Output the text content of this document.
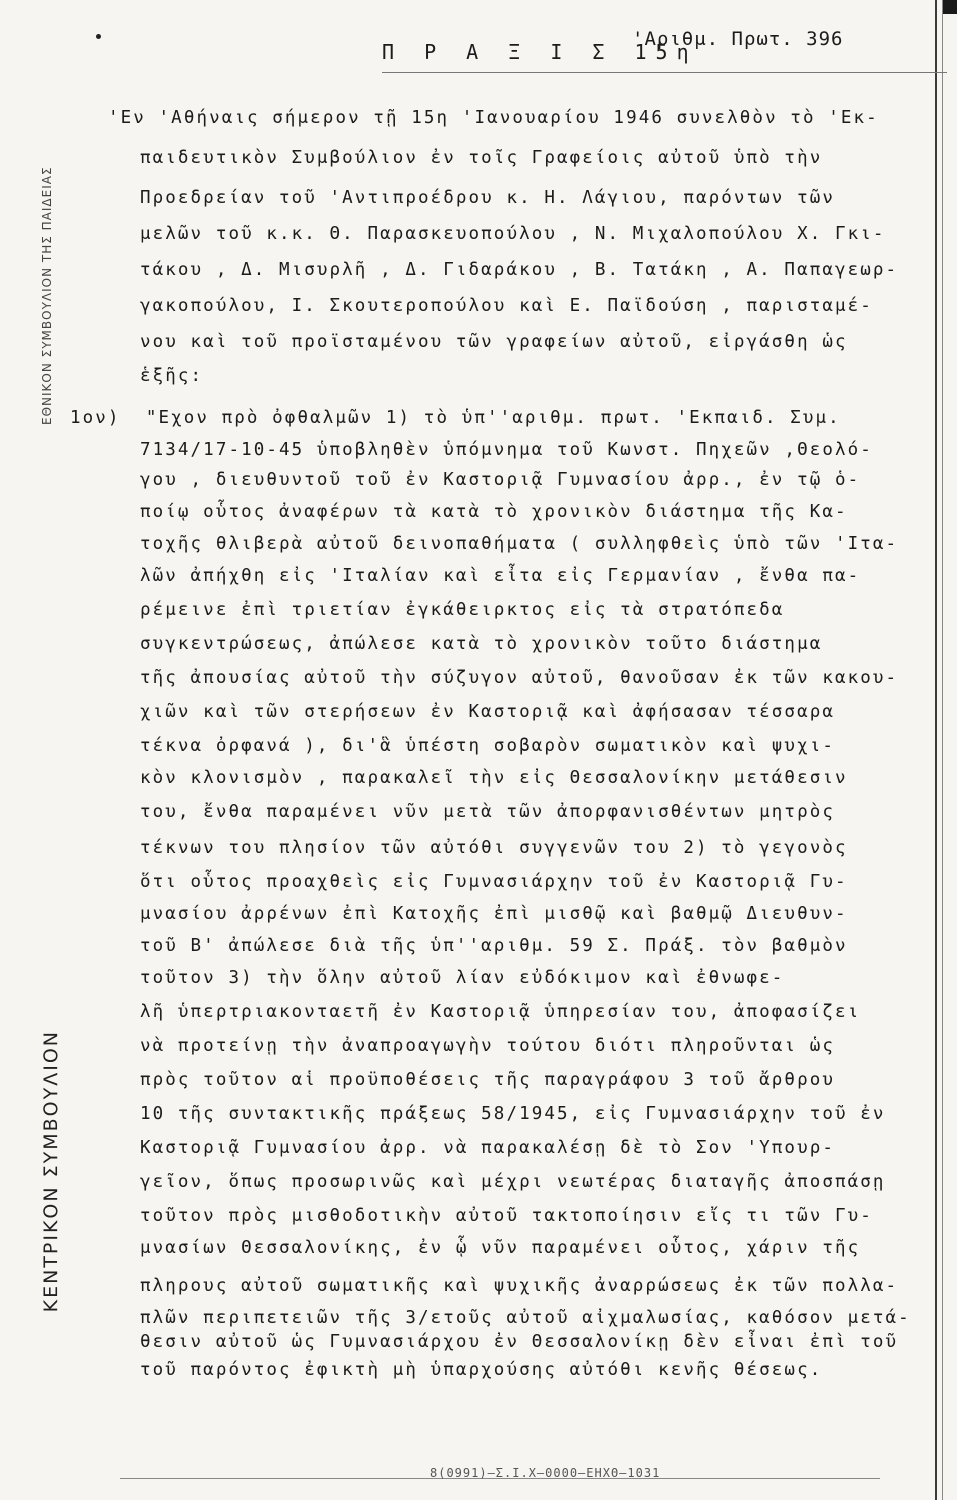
Π Ρ Α Ξ Ι Σ 15η
'Αριθμ. Πρωτ. 396
ΕΘΝΙΚΟΝ ΣΥΜΒΟΥΛΙΟΝ ΤΗΣ ΠΑΙΔΕΙΑΣ
'Εν 'Αθήναις σήμερον τῇ 15η 'Ιανουαρίου 1946 συνελθὸν τὸ 'Εκ-
παιδευτικὸν Συμβούλιον ἐν τοῖς Γραφείοις αὐτοῦ ὑπὸ τὴν
Προεδρείαν τοῦ 'Αντιπροέδρου κ. Η. Λάγιου, παρόντων τῶν
μελῶν τοῦ κ.κ. Θ. Παρασκευοπούλου , Ν. Μιχαλοπούλου Χ. Γκι-
τάκου , Δ. Μισυρλῆ , Δ. Γιδαράκου , Β. Τατάκη , Α. Παπαγεωρ-
γακοπούλου, Ι. Σκουτεροπούλου καὶ Ε. Παϊδούση , παρισταμέ-
νου καὶ τοῦ προϊσταμένου τῶν γραφείων αὐτοῦ, εἰργάσθη ὡς
ἑξῆς:
1ον)  "Εχον πρὸ ὀφθαλμῶν 1) τὸ ὑπ''αριθμ. πρωτ. 'Εκπαιδ. Συμ.
7134/17-10-45 ὑποβληθὲν ὑπόμνημα τοῦ Κωνστ. Πηχεῶν ,Θεολό-
γου , διευθυντοῦ τοῦ ἐν Καστοριᾷ Γυμνασίου ἀρρ., ἐν τῷ ὁ-
ποίῳ οὗτος ἀναφέρων τὰ κατὰ τὸ χρονικὸν διάστημα τῆς Κα-
τοχῆς θλιβερὰ αὐτοῦ δεινοπαθήματα ( συλληφθεὶς ὑπὸ τῶν 'Ιτα-
λῶν ἀπήχθη εἰς 'Ιταλίαν καὶ εἶτα εἰς Γερμανίαν , ἔνθα πα-
ρέμεινε ἐπὶ τριετίαν ἐγκάθειρκτος εἰς τὰ στρατόπεδα
συγκεντρώσεως, ἀπώλεσε κατὰ τὸ χρονικὸν τοῦτο διάστημα
τῆς ἀπουσίας αὐτοῦ τὴν σύζυγον αὐτοῦ, θανοῦσαν ἐκ τῶν κακου-
χιῶν καὶ τῶν στερήσεων ἐν Καστοριᾷ καὶ ἀφήσασαν τέσσαρα
τέκνα ὀρφανά ), δι'ἃ ὑπέστη σοβαρὸν σωματικὸν καὶ ψυχι-
κὸν κλονισμὸν , παρακαλεῖ τὴν εἰς Θεσσαλονίκην μετάθεσιν
του, ἔνθα παραμένει νῦν μετὰ τῶν ἀπορφανισθέντων μητρὸς
τέκνων του πλησίον τῶν αὐτόθι συγγενῶν του 2) τὸ γεγονὸς
ὅτι οὗτος προαχθεὶς εἰς Γυμνασιάρχην τοῦ ἐν Καστοριᾷ Γυ-
μνασίου ἀρρένων ἐπὶ Κατοχῆς ἐπὶ μισθῷ καὶ βαθμῷ Διευθυν-
τοῦ Β' ἀπώλεσε διὰ τῆς ὑπ''αριθμ. 59 Σ. Πράξ. τὸν βαθμὸν
τοῦτον 3) τὴν ὅλην αὐτοῦ λίαν εὐδόκιμον καὶ ἐθνωφε-
λῆ ὑπερτριακονταετῆ ἐν Καστοριᾷ ὑπηρεσίαν του, ἀποφασίζει
νὰ προτείνῃ τὴν ἀναπροαγωγὴν τούτου διότι πληροῦνται ὡς
πρὸς τοῦτον αἱ προϋποθέσεις τῆς παραγράφου 3 τοῦ ἄρθρου
10 τῆς συντακτικῆς πράξεως 58/1945, εἰς Γυμνασιάρχην τοῦ ἐν
Καστοριᾷ Γυμνασίου ἀρρ. νὰ παρακαλέσῃ δὲ τὸ Σον 'Υπουρ-
γεῖον, ὅπως προσωρινῶς καὶ μέχρι νεωτέρας διαταγῆς ἀποσπάσῃ
τοῦτον πρὸς μισθοδοτικὴν αὐτοῦ τακτοποίησιν εἴς τι τῶν Γυ-
μνασίων Θεσσαλονίκης, ἐν ᾧ νῦν παραμένει οὗτος, χάριν τῆς
πληρους αὐτοῦ σωματικῆς καὶ ψυχικῆς ἀναρρώσεως ἐκ τῶν πολλα-
πλῶν περιπετειῶν τῆς 3/ετοῦς αὐτοῦ αἰχμαλωσίας, καθόσον μετά-
θεσιν αὐτοῦ ὡς Γυμνασιάρχου ἐν Θεσσαλονίκῃ δὲν εἶναι ἐπὶ τοῦ
τοῦ παρόντος ἐφικτὴ μὴ ὑπαρχούσης αὐτόθι κενῆς θέσεως.
ΚΕΝΤΡΙΚΟΝ ΣΥΜΒΟΥΛΙΟΝ
8(0991)—Σ.Ι.Χ—0000—ΕΗΧΘ—1031
